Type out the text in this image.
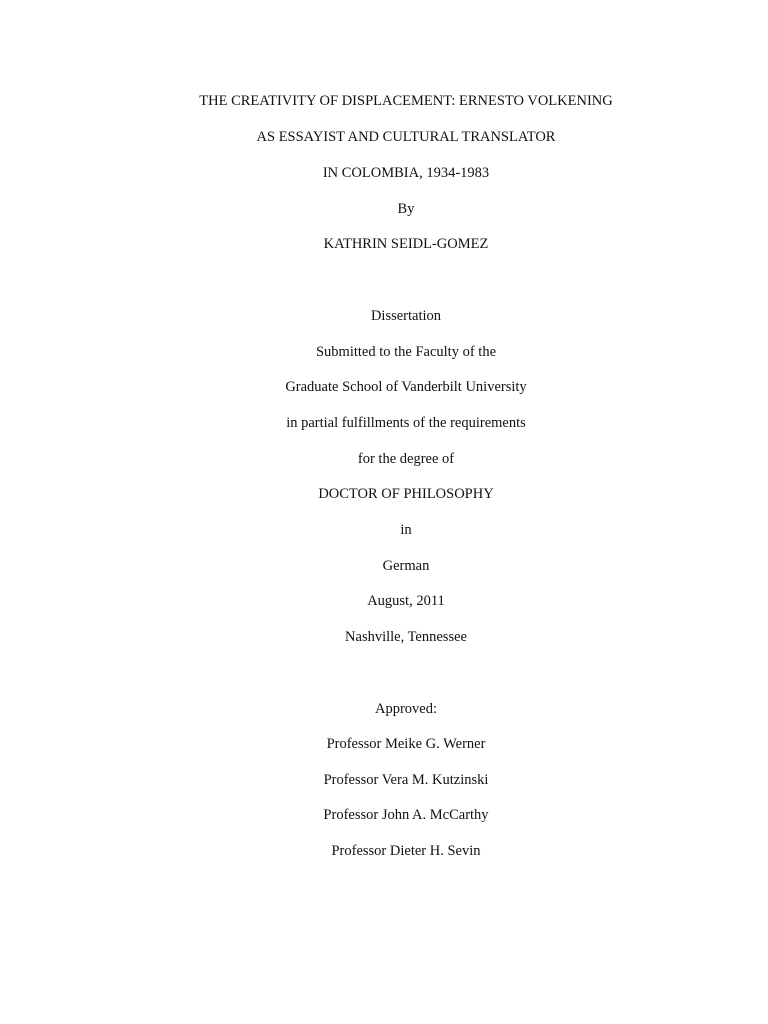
THE CREATIVITY OF DISPLACEMENT: ERNESTO VOLKENING
AS ESSAYIST AND CULTURAL TRANSLATOR
IN COLOMBIA, 1934-1983
By
KATHRIN SEIDL-GOMEZ
Dissertation
Submitted to the Faculty of the
Graduate School of Vanderbilt University
in partial fulfillments of the requirements
for the degree of
DOCTOR OF PHILOSOPHY
in
German
August, 2011
Nashville, Tennessee
Approved:
Professor Meike G. Werner
Professor Vera M. Kutzinski
Professor John A. McCarthy
Professor Dieter H. Sevin
